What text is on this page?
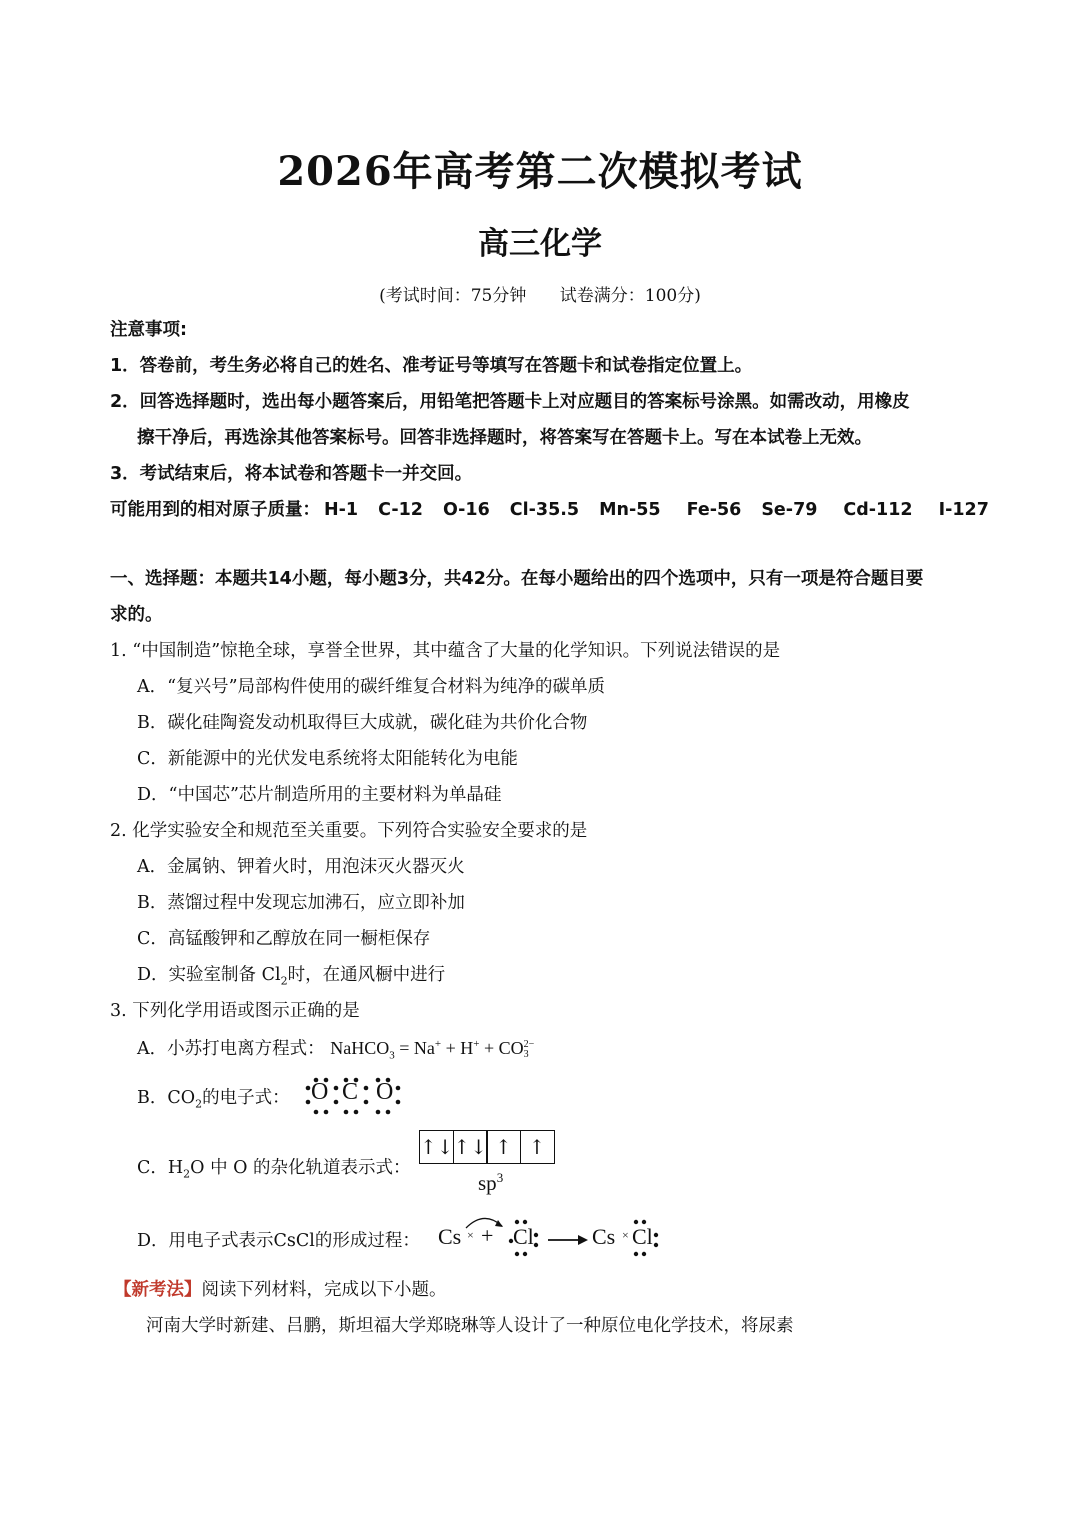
2026年高考第二次模拟考试
高三化学
(考试时间：75分钟 试卷满分：100分)
注意事项:
1．答卷前，考生务必将自己的姓名、准考证号等填写在答题卡和试卷指定位置上。
2．回答选择题时，选出每小题答案后，用铅笔把答题卡上对应题目的答案标号涂黑。如需改动，用橡皮
擦干净后，再选涂其他答案标号。回答非选择题时，将答案写在答题卡上。写在本试卷上无效。
3．考试结束后，将本试卷和答题卡一并交回。
可能用到的相对原子质量： H-1 C-12 O-16 Cl-35.5 Mn-55 Fe-56 Se-79 Cd-112 I-127
一、选择题：本题共14小题，每小题3分，共42分。在每小题给出的四个选项中，只有一项是符合题目要
求的。
1. “中国制造”惊艳全球，享誉全世界，其中蕴含了大量的化学知识。下列说法错误的是
A．“复兴号”局部构件使用的碳纤维复合材料为纯净的碳单质
B．碳化硅陶瓷发动机取得巨大成就，碳化硅为共价化合物
C．新能源中的光伏发电系统将太阳能转化为电能
D．“中国芯”芯片制造所用的主要材料为单晶硅
2. 化学实验安全和规范至关重要。下列符合实验安全要求的是
A．金属钠、钾着火时，用泡沫灭火器灭火
B．蒸馏过程中发现忘加沸石，应立即补加
C．高锰酸钾和乙醇放在同一橱柜保存
D．实验室制备 $Cl_2$时，在通风橱中进行
3. 下列化学用语或图示正确的是
A．小苏打电离方程式： NaHCO$_3$ = Na+ + H+ + CO 2−
3
B．$CO_2$的电子式： O C O
C．$H_2O$ 中 O 的杂化轨道表示式：
↑↓↑↓ ↑ ↑
$sp^3$
D．用电子式表示CsCl的形成过程： Cs × + Cl	Cs × Cl
【新考法】阅读下列材料，完成以下小题。
河南大学时新建、吕鹏，斯坦福大学郑晓琳等人设计了一种原位电化学技术，将尿素
